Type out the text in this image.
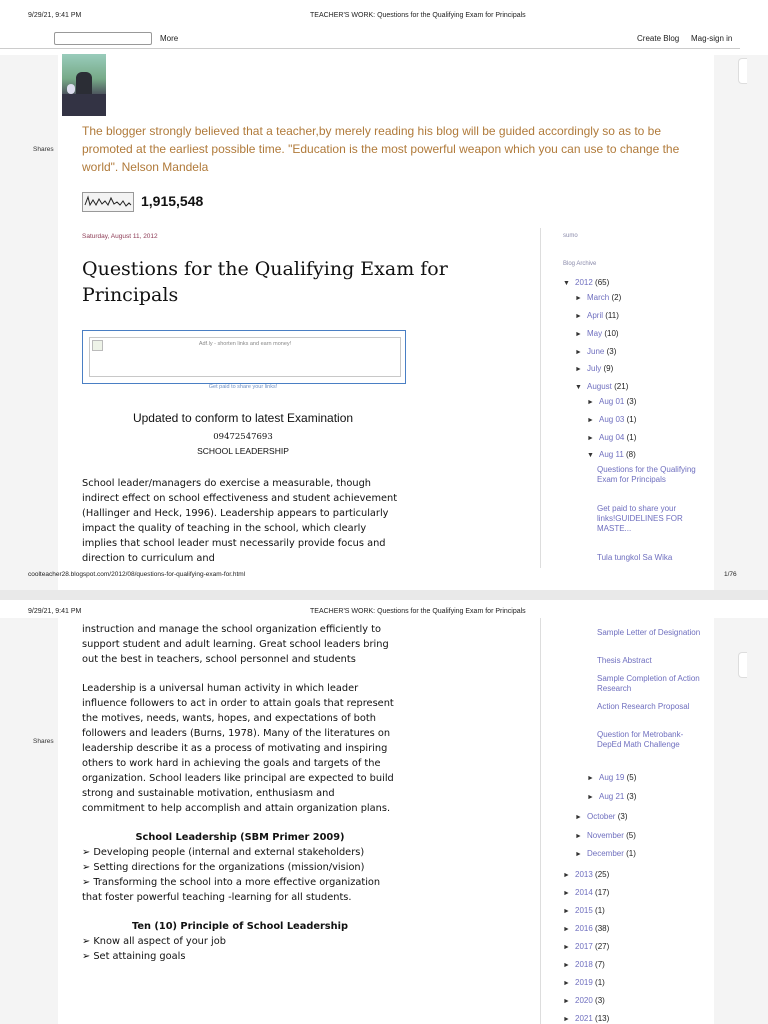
9/29/21, 9:41 PM	TEACHER'S WORK: Questions for the Qualifying Exam for Principals
More	Create Blog Mag-sign in
Shares
The blogger strongly believed that a teacher,by merely reading his blog will be guided accordingly so as to be promoted at the earliest possible time. "Education is the most powerful weapon which you can use to change the world". Nelson Mandela
1,915,548
Saturday, August 11, 2012
Questions for the Qualifying Exam for Principals
Adf.ly - shorten links and earn money!
Get paid to share your links!
Updated to conform to latest Examination
09472547693
SCHOOL LEADERSHIP

School leader/managers do exercise a measurable, though indirect effect on school effectiveness and student achievement (Hallinger and Heck, 1996). Leadership appears to particularly impact the quality of teaching in the school, which clearly implies that school leader must necessarily provide focus and direction to curriculum and

sumo
Blog Archive
▼ 2012 (65)
► March (2)
► April (11)
► May (10)
► June (3)
► July (9)
▼ August (21)
► Aug 01 (3)
► Aug 03 (1)
► Aug 04 (1)
▼ Aug 11 (8)
Questions for the Qualifying Exam for Principals
Get paid to share your links!GUIDELINES FOR MASTE...
Tula tungkol Sa Wika
coolteacher28.blogspot.com/2012/08/questions-for-qualifying-exam-for.html	1/76
9/29/21, 9:41 PM	TEACHER'S WORK: Questions for the Qualifying Exam for Principals
Shares

instruction and manage the school organization efficiently to support student and adult learning. Great school leaders bring out the best in teachers, school personnel and students

Leadership is a universal human activity in which leader influence followers to act in order to attain goals that represent the motives, needs, wants, hopes, and expectations of both followers and leaders (Burns, 1978). Many of the literatures on leadership describe it as a process of motivating and inspiring others to work hard in achieving the goals and targets of the organization. School leaders like principal are expected to build strong and sustainable motivation, enthusiasm and commitment to help accomplish and attain organization plans.

School Leadership (SBM Primer 2009)

➢ Developing people (internal and external stakeholders)

➢ Setting directions for the organizations (mission/vision)

➢ Transforming the school into a more effective organization that foster powerful teaching -learning for all students.

Ten (10) Principle of School Leadership

➢ Know all aspect of your job

➢ Set attaining goals

Sample Letter of Designation
Thesis Abstract
Sample Completion of Action Research
Action Research Proposal
Question for Metrobank-DepEd Math Challenge
► Aug 19 (5)
► Aug 21 (3)
► October (3)
► November (5)
► December (1)
► 2013 (25)
► 2014 (17)
► 2015 (1)
► 2016 (38)
► 2017 (27)
► 2018 (7)
► 2019 (1)
► 2020 (3)
► 2021 (13)
